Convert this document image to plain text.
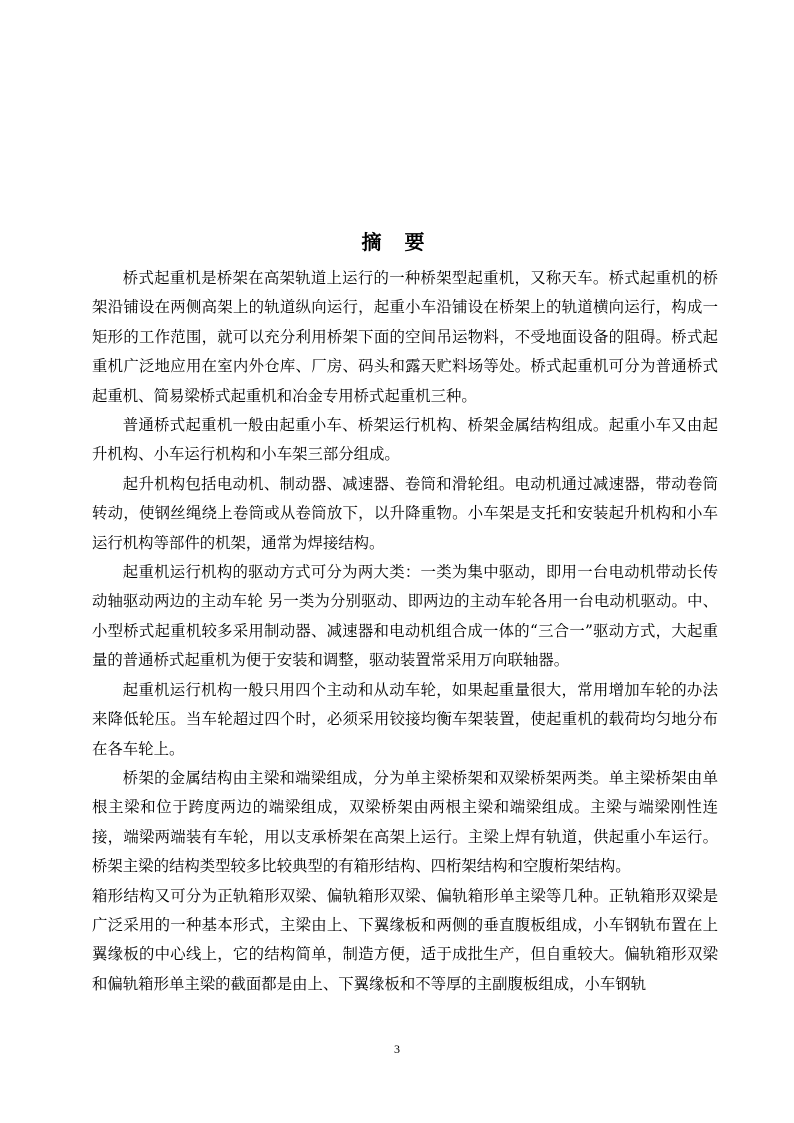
摘 要

桥式起重机是桥架在高架轨道上运行的一种桥架型起重机，又称天车。桥式起重机的桥架沿铺设在两侧高架上的轨道纵向运行，起重小车沿铺设在桥架上的轨道横向运行，构成一矩形的工作范围，就可以充分利用桥架下面的空间吊运物料，不受地面设备的阻碍。桥式起重机广泛地应用在室内外仓库、厂房、码头和露天贮料场等处。桥式起重机可分为普通桥式起重机、简易梁桥式起重机和冶金专用桥式起重机三种。

普通桥式起重机一般由起重小车、桥架运行机构、桥架金属结构组成。起重小车又由起升机构、小车运行机构和小车架三部分组成。

起升机构包括电动机、制动器、减速器、卷筒和滑轮组。电动机通过减速器，带动卷筒转动，使钢丝绳绕上卷筒或从卷筒放下，以升降重物。小车架是支托和安装起升机构和小车运行机构等部件的机架，通常为焊接结构。

起重机运行机构的驱动方式可分为两大类：一类为集中驱动，即用一台电动机带动长传动轴驱动两边的主动车轮 另一类为分别驱动、即两边的主动车轮各用一台电动机驱动。中、小型桥式起重机较多采用制动器、减速器和电动机组合成一体的“三合一”驱动方式，大起重量的普通桥式起重机为便于安装和调整，驱动装置常采用万向联轴器。

起重机运行机构一般只用四个主动和从动车轮，如果起重量很大，常用增加车轮的办法来降低轮压。当车轮超过四个时，必须采用铰接均衡车架装置，使起重机的载荷均匀地分布在各车轮上。

桥架的金属结构由主梁和端梁组成，分为单主梁桥架和双梁桥架两类。单主梁桥架由单根主梁和位于跨度两边的端梁组成，双梁桥架由两根主梁和端梁组成。主梁与端梁刚性连接，端梁两端装有车轮，用以支承桥架在高架上运行。主梁上焊有轨道，供起重小车运行。桥架主梁的结构类型较多比较典型的有箱形结构、四桁架结构和空腹桁架结构。

箱形结构又可分为正轨箱形双梁、偏轨箱形双梁、偏轨箱形单主梁等几种。正轨箱形双梁是广泛采用的一种基本形式，主梁由上、下翼缘板和两侧的垂直腹板组成，小车钢轨布置在上翼缘板的中心线上，它的结构简单，制造方便，适于成批生产，但自重较大。偏轨箱形双梁和偏轨箱形单主梁的截面都是由上、下翼缘板和不等厚的主副腹板组成，小车钢轨

3
